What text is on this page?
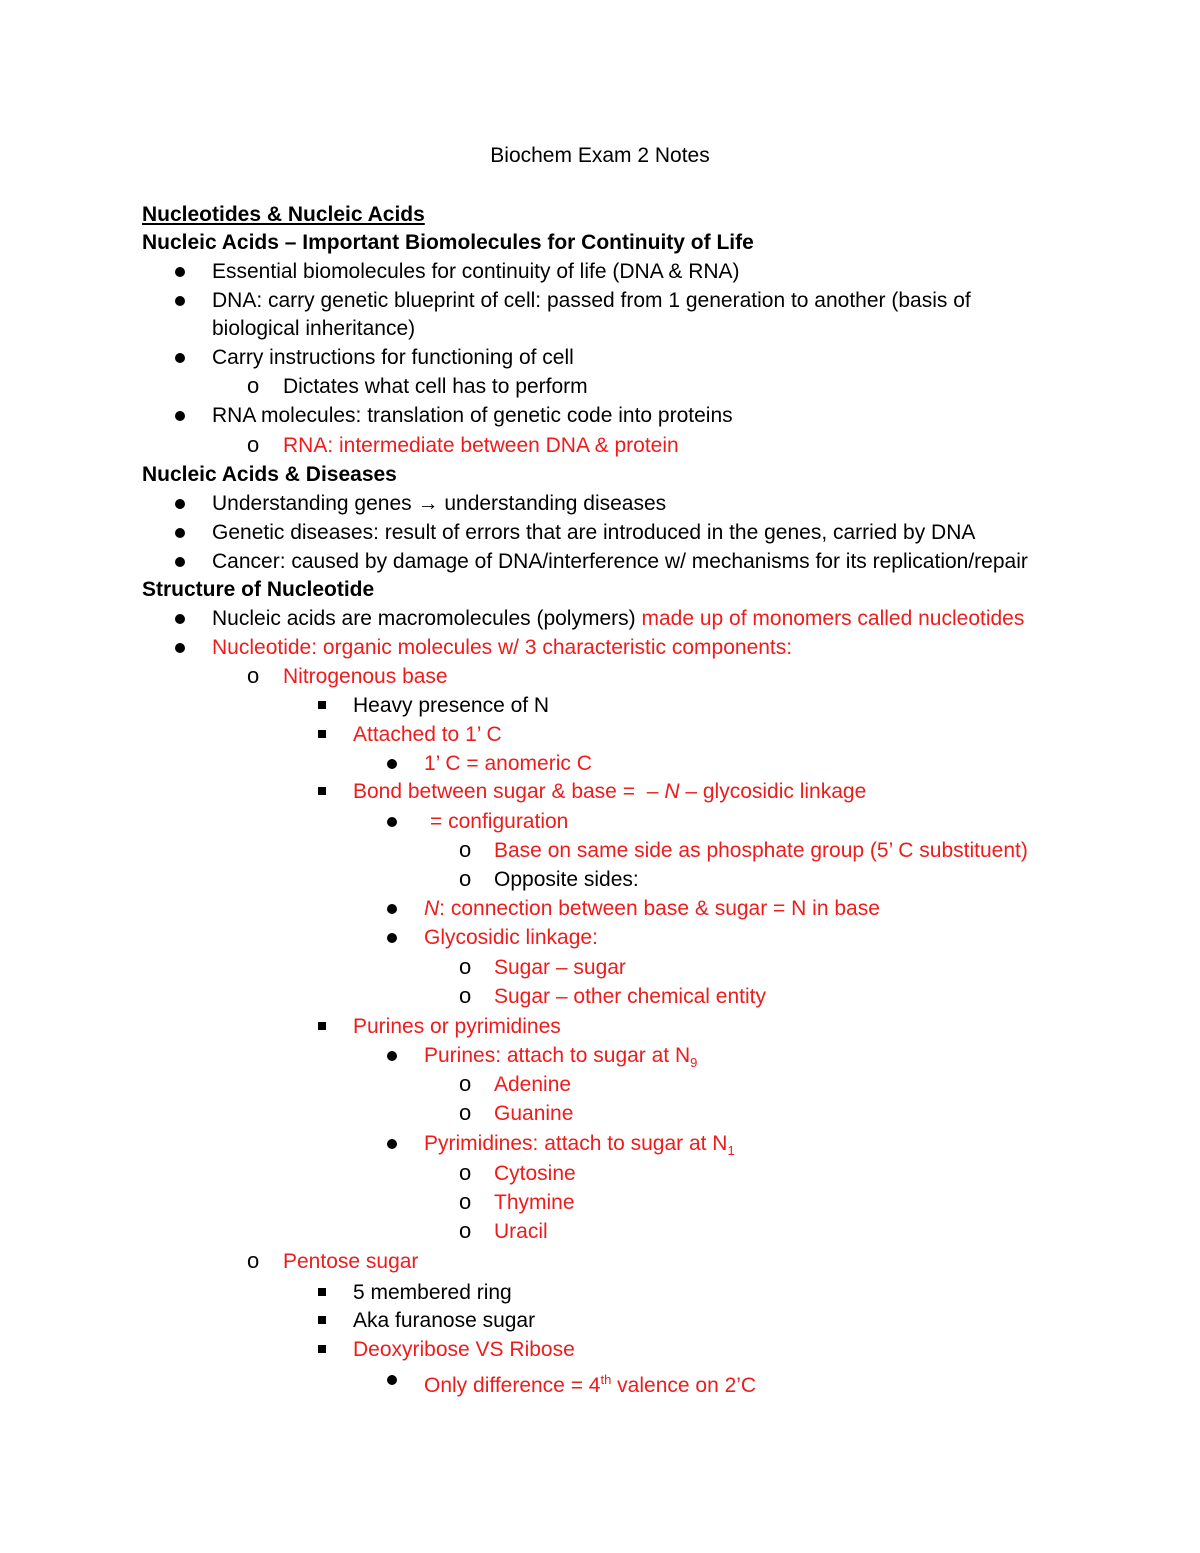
Biochem Exam 2 Notes
Nucleotides & Nucleic Acids
Nucleic Acids – Important Biomolecules for Continuity of Life
Essential biomolecules for continuity of life (DNA & RNA)
DNA: carry genetic blueprint of cell: passed from 1 generation to another (basis of
biological inheritance)
Carry instructions for functioning of cell
o Dictates what cell has to perform
RNA molecules: translation of genetic code into proteins
o RNA: intermediate between DNA & protein
Nucleic Acids & Diseases
Understanding genes → understanding diseases
Genetic diseases: result of errors that are introduced in the genes, carried by DNA
Cancer: caused by damage of DNA/interference w/ mechanisms for its replication/repair
Structure of Nucleotide
Nucleic acids are macromolecules (polymers) made up of monomers called nucleotides
Nucleotide: organic molecules w/ 3 characteristic components:
o Nitrogenous base
Heavy presence of N
Attached to 1’ C
1’ C = anomeric C
Bond between sugar & base = – N – glycosidic linkage
= configuration
o Base on same side as phosphate group (5’ C substituent)
o Opposite sides:
N: connection between base & sugar = N in base
Glycosidic linkage:
o Sugar – sugar
o Sugar – other chemical entity
Purines or pyrimidines
Purines: attach to sugar at $N_9$
o Adenine
o Guanine
Pyrimidines: attach to sugar at $N_1$
o Cytosine
o Thymine
o Uracil
o Pentose sugar
5 membered ring
Aka furanose sugar
Deoxyribose VS Ribose
Only difference = 4th valence on 2’C
